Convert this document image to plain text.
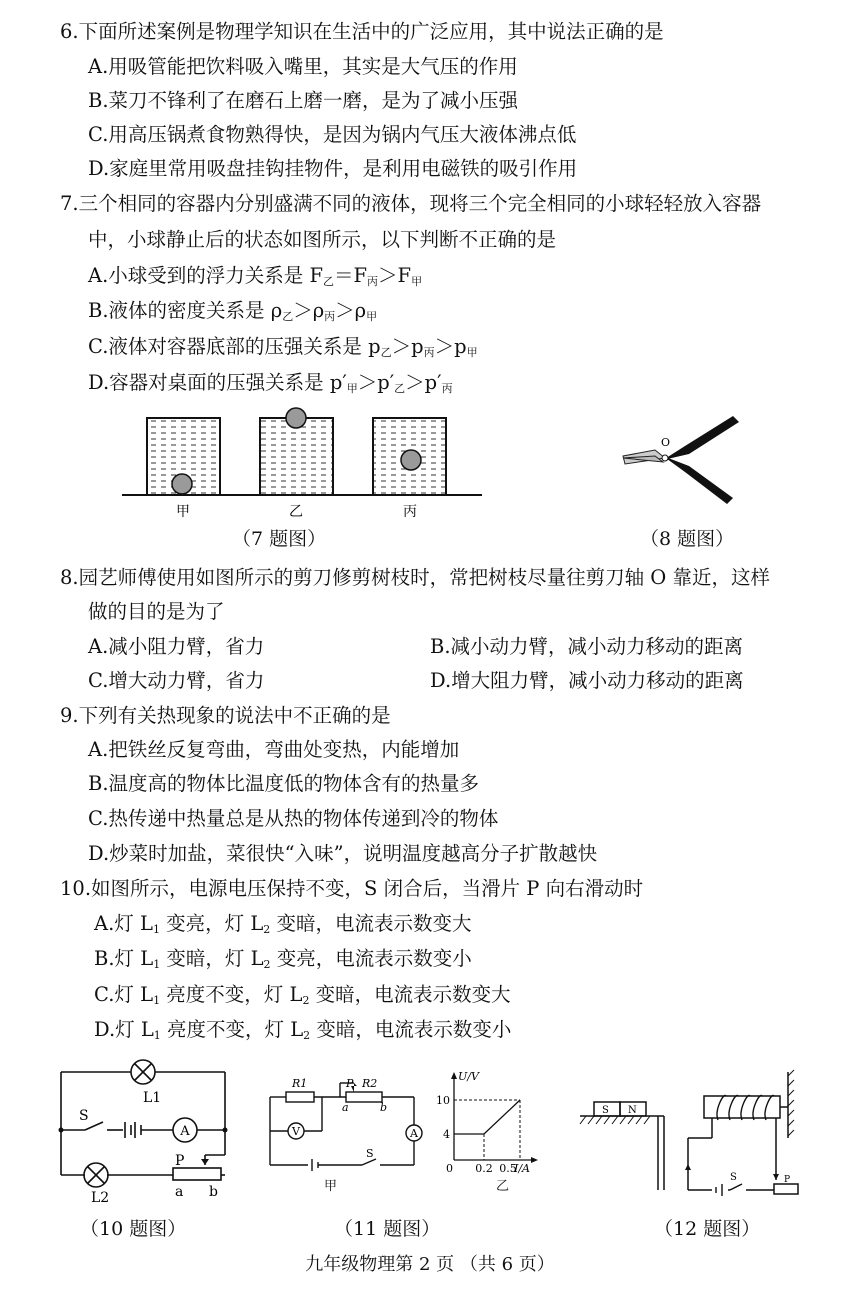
6.下面所述案例是物理学知识在生活中的广泛应用，其中说法正确的是
A.用吸管能把饮料吸入嘴里，其实是大气压的作用
B.菜刀不锋利了在磨石上磨一磨，是为了减小压强
C.用高压锅煮食物熟得快，是因为锅内气压大液体沸点低
D.家庭里常用吸盘挂钩挂物件，是利用电磁铁的吸引作用
7.三个相同的容器内分别盛满不同的液体，现将三个完全相同的小球轻轻放入容器
中，小球静止后的状态如图所示，以下判断不正确的是
A.小球受到的浮力关系是 $F_乙=F_丙>F_甲$
B.液体的密度关系是 $\rho_乙>\rho_丙>\rho_甲$
C.液体对容器底部的压强关系是 $p_乙>p_丙>p_甲$
D.容器对桌面的压强关系是 $p'_甲>p'_乙>p'_丙$
甲	乙	丙
（7 题图）
O
（8 题图）
8.园艺师傅使用如图所示的剪刀修剪树枝时，常把树枝尽量往剪刀轴 O 靠近，这样
做的目的是为了
A.减小阻力臂，省力	B.减小动力臂，减小动力移动的距离
C.增大动力臂，省力	D.增大阻力臂，减小动力移动的距离
9.下列有关热现象的说法中不正确的是
A.把铁丝反复弯曲，弯曲处变热，内能增加
B.温度高的物体比温度低的物体含有的热量多
C.热传递中热量总是从热的物体传递到冷的物体
D.炒菜时加盐，菜很快“入味”，说明温度越高分子扩散越快
10.如图所示，电源电压保持不变，S 闭合后，当滑片 P 向右滑动时
A.灯 $L_1$ 变亮，灯 $L_2$ 变暗，电流表示数变大
B.灯 $L_1$ 变暗，灯 $L_2$ 变亮，电流表示数变小
C.灯 $L_1$ 亮度不变，灯 $L_2$ 变暗，电流表示数变大
D.灯 $L_1$ 亮度不变，灯 $L_2$ 变暗，电流表示数变小
A
L1
S
L2
P
a b
（10 题图）
V	A
R1	P R2
a	b
S
甲
U/V
I/A
10
4
0 0.2 0.5
乙
（11 题图）
S N
S	P
（12 题图）
九年级物理第 2 页 （共 6 页）
